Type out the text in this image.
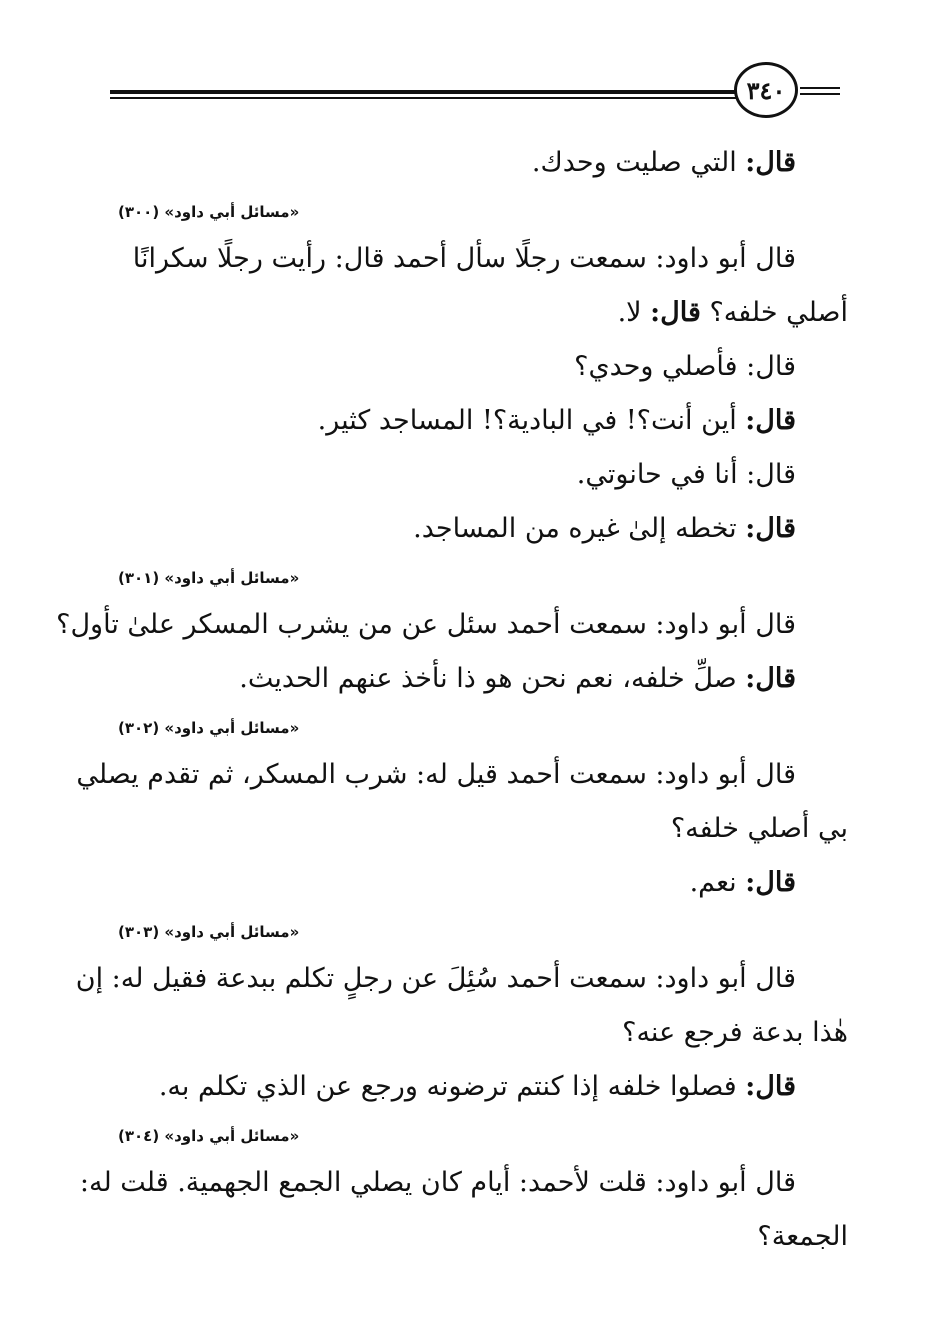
٣٤٠
قال: التي صليت وحدك.
«مسائل أبي داود» (٣٠٠)
قال أبو داود: سمعت رجلًا سأل أحمد قال: رأيت رجلًا سكرانًا
أصلي خلفه؟ قال: لا.
قال: فأصلي وحدي؟
قال: أين أنت؟! في البادية؟! المساجد كثير.
قال: أنا في حانوتي.
قال: تخطه إلىٰ غيره من المساجد.
«مسائل أبي داود» (٣٠١)
قال أبو داود: سمعت أحمد سئل عن من يشرب المسكر علىٰ تأول؟
قال: صلِّ خلفه، نعم نحن هو ذا نأخذ عنهم الحديث.
«مسائل أبي داود» (٣٠٢)
قال أبو داود: سمعت أحمد قيل له: شرب المسكر، ثم تقدم يصلي
بي أصلي خلفه؟
قال: نعم.
«مسائل أبي داود» (٣٠٣)
قال أبو داود: سمعت أحمد سُئِلَ عن رجلٍ تكلم ببدعة فقيل له: إن
هٰذا بدعة فرجع عنه؟
قال: فصلوا خلفه إذا كنتم ترضونه ورجع عن الذي تكلم به.
«مسائل أبي داود» (٣٠٤)
قال أبو داود: قلت لأحمد: أيام كان يصلي الجمع الجهمية. قلت له:
الجمعة؟
